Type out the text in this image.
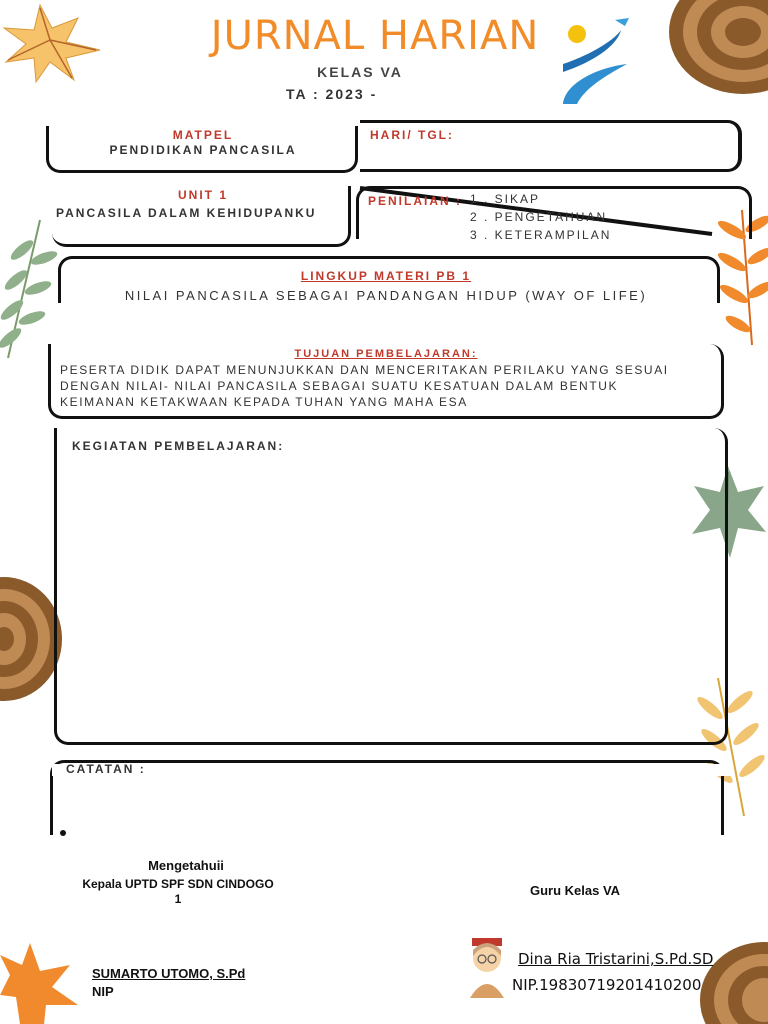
JURNAL HARIAN
KELAS VA
TA : 2023 -
MATPEL
PENDIDIKAN PANCASILA
HARI/ TGL:
UNIT 1
PANCASILA DALAM KEHIDUPANKU
PENILAIAN : 1 . SIKAP
2 . PENGETAHUAN
3 . KETERAMPILAN
LINGKUP MATERI PB 1
NILAI PANCASILA SEBAGAI PANDANGAN HIDUP (WAY OF LIFE)
TUJUAN PEMBELAJARAN:
PESERTA DIDIK DAPAT MENUNJUKKAN DAN MENCERITAKAN PERILAKU YANG SESUAI
DENGAN NILAI- NILAI PANCASILA SEBAGAI SUATU KESATUAN DALAM BENTUK
KEIMANAN KETAKWAAN KEPADA TUHAN YANG MAHA ESA
KEGIATAN PEMBELAJARAN:
CATATAN :
Mengetahuii
Kepala UPTD SPF SDN CINDOGO
1
SUMARTO UTOMO, S.Pd
NIP
Guru Kelas VA
Dina Ria Tristarini,S.Pd.SD
NIP.19830719201410200
